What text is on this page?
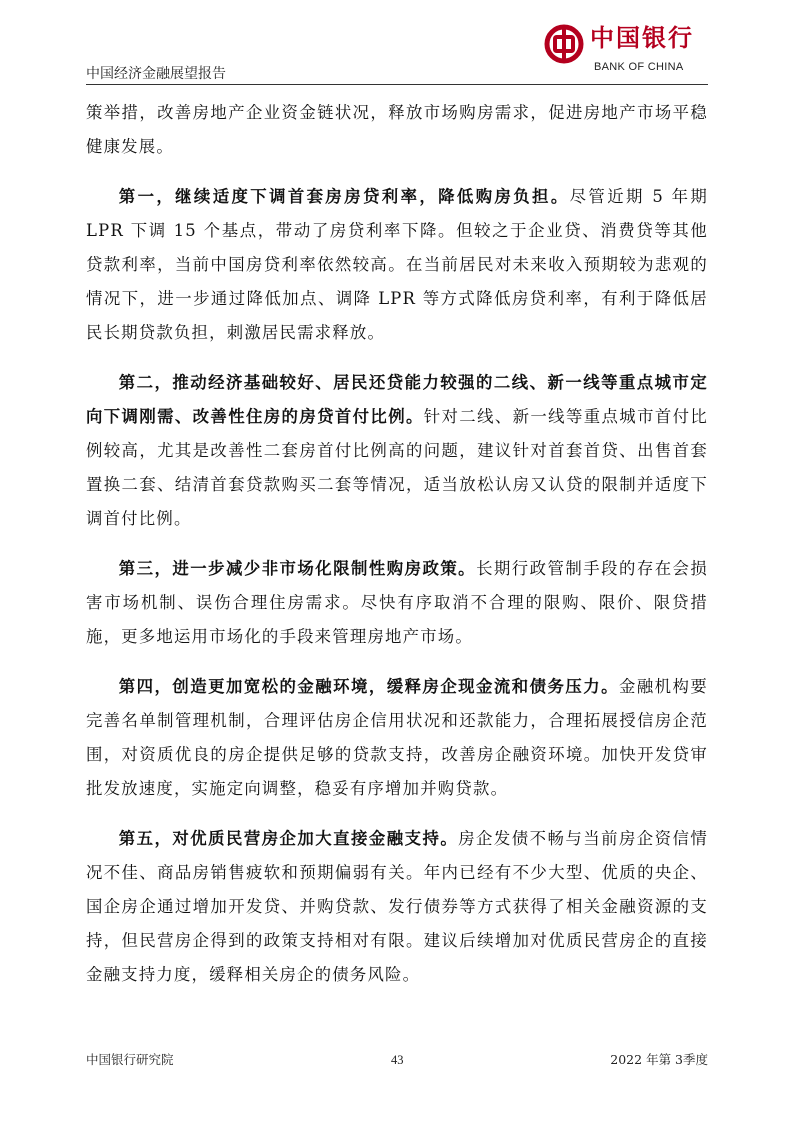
中国经济金融展望报告
中国银行
BANK OF CHINA

策举措，改善房地产企业资金链状况，释放市场购房需求，促进房地产市场平稳健康发展。

第一，继续适度下调首套房房贷利率，降低购房负担。尽管近期 5 年期 LPR 下调 15 个基点，带动了房贷利率下降。但较之于企业贷、消费贷等其他贷款利率，当前中国房贷利率依然较高。在当前居民对未来收入预期较为悲观的情况下，进一步通过降低加点、调降 LPR 等方式降低房贷利率，有利于降低居民长期贷款负担，刺激居民需求释放。

第二，推动经济基础较好、居民还贷能力较强的二线、新一线等重点城市定向下调刚需、改善性住房的房贷首付比例。针对二线、新一线等重点城市首付比例较高，尤其是改善性二套房首付比例高的问题，建议针对首套首贷、出售首套置换二套、结清首套贷款购买二套等情况，适当放松认房又认贷的限制并适度下调首付比例。

第三，进一步减少非市场化限制性购房政策。长期行政管制手段的存在会损害市场机制、误伤合理住房需求。尽快有序取消不合理的限购、限价、限贷措施，更多地运用市场化的手段来管理房地产市场。

第四，创造更加宽松的金融环境，缓释房企现金流和债务压力。金融机构要完善名单制管理机制，合理评估房企信用状况和还款能力，合理拓展授信房企范围，对资质优良的房企提供足够的贷款支持，改善房企融资环境。加快开发贷审批发放速度，实施定向调整，稳妥有序增加并购贷款。

第五，对优质民营房企加大直接金融支持。房企发债不畅与当前房企资信情况不佳、商品房销售疲软和预期偏弱有关。年内已经有不少大型、优质的央企、国企房企通过增加开发贷、并购贷款、发行债券等方式获得了相关金融资源的支持，但民营房企得到的政策支持相对有限。建议后续增加对优质民营房企的直接金融支持力度，缓释相关房企的债务风险。

中国银行研究院	43	2022 年第 3季度
